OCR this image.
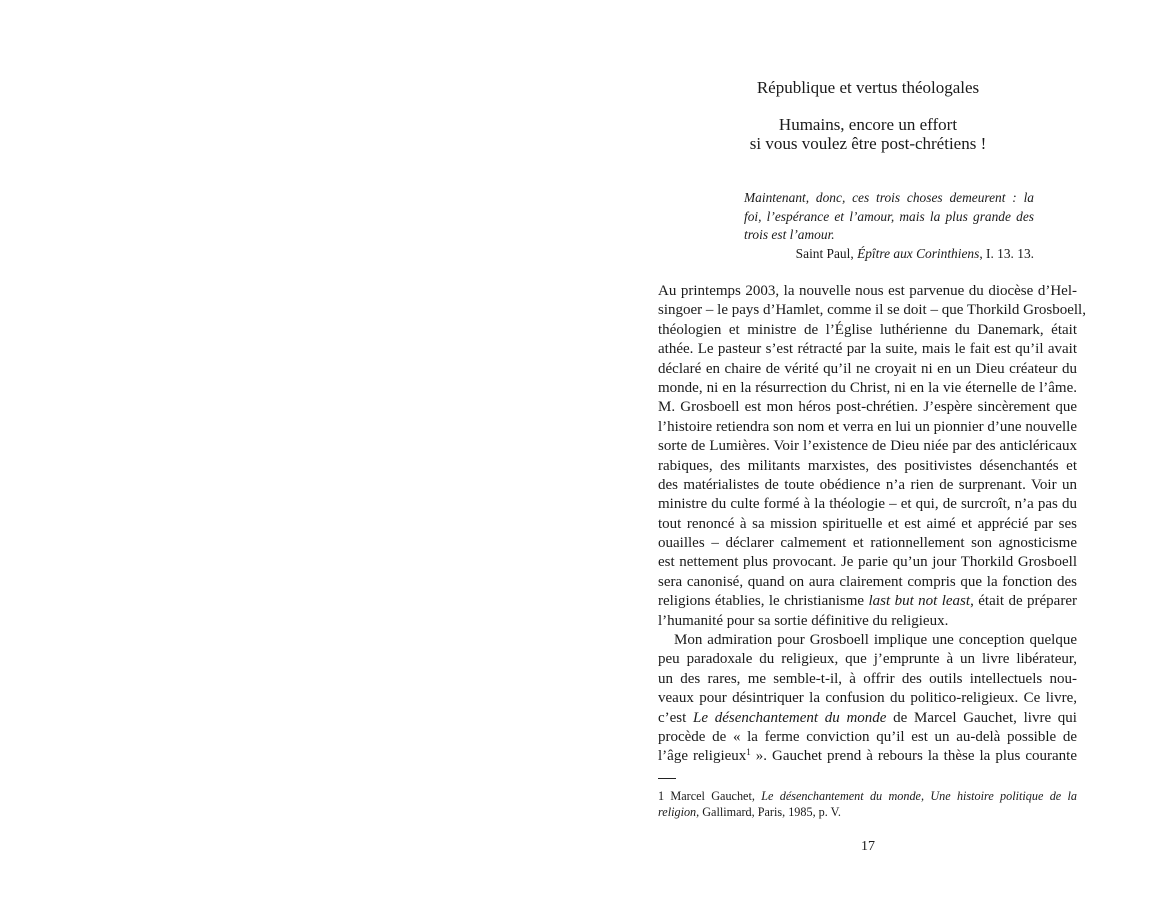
République et vertus théologales
Humains, encore un effort
si vous voulez être post-chrétiens !
Maintenant, donc, ces trois choses demeurent : la
foi, l’espérance et l’amour, mais la plus grande des
trois est l’amour.
Saint Paul, Épître aux Corinthiens, I. 13. 13.
Au printemps 2003, la nouvelle nous est parvenue du diocèse d’Hel-
singoer – le pays d’Hamlet, comme il se doit – que Thorkild Grosboell,
théologien et ministre de l’Église luthérienne du Danemark, était
athée. Le pasteur s’est rétracté par la suite, mais le fait est qu’il avait
déclaré en chaire de vérité qu’il ne croyait ni en un Dieu créateur du
monde, ni en la résurrection du Christ, ni en la vie éternelle de l’âme.
M. Grosboell est mon héros post-chrétien. J’espère sincèrement que
l’histoire retiendra son nom et verra en lui un pionnier d’une nouvelle
sorte de Lumières. Voir l’existence de Dieu niée par des anticléricaux
rabiques, des militants marxistes, des positivistes désenchantés et
des matérialistes de toute obédience n’a rien de surprenant. Voir un
ministre du culte formé à la théologie – et qui, de surcroît, n’a pas du
tout renoncé à sa mission spirituelle et est aimé et apprécié par ses
ouailles – déclarer calmement et rationnellement son agnosticisme
est nettement plus provocant. Je parie qu’un jour Thorkild Grosboell
sera canonisé, quand on aura clairement compris que la fonction des
religions établies, le christianisme last but not least, était de préparer
l’humanité pour sa sortie définitive du religieux.
Mon admiration pour Grosboell implique une conception quelque
peu paradoxale du religieux, que j’emprunte à un livre libérateur,
un des rares, me semble-t-il, à offrir des outils intellectuels nou-
veaux pour désintriquer la confusion du politico-religieux. Ce livre,
c’est Le désenchantement du monde de Marcel Gauchet, livre qui
procède de « la ferme conviction qu’il est un au-delà possible de
l’âge religieux$^1$ ». Gauchet prend à rebours la thèse la plus courante
1 Marcel Gauchet, Le désenchantement du monde, Une histoire politique de la
religion, Gallimard, Paris, 1985, p. V.
17
